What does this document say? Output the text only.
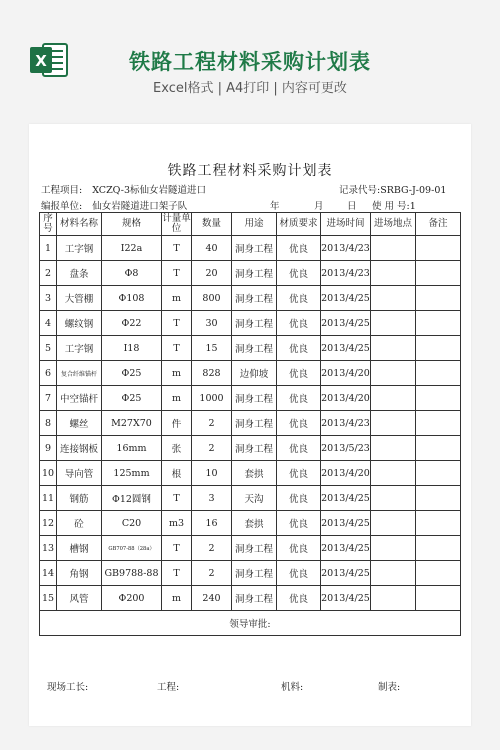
X	铁路工程材料采购计划表
Excel格式 | A4打印 | 内容可更改
铁路工程材料采购计划表
工程项目: XCZQ-3标仙女岩隧道进口	记录代号:SRBG-J-09-01
编报单位: 仙女岩隧道进口架子队	年	月 日 使 用 号:1
序号	材料名称	规格	计量单位	数量	用途	材质要求	进场时间	进场地点	备注
1	工字钢	I22a	T	40	洞身工程	优良	2013/4/23		
2	盘条	Φ8	T	20	洞身工程	优良	2013/4/23		
3	大管棚	Φ108	m	800	洞身工程	优良	2013/4/25		
4	螺纹钢	Φ22	T	30	洞身工程	优良	2013/4/25		
5	工字钢	I18	T	15	洞身工程	优良	2013/4/25		
6	复合纤维锚杆	Φ25	m	828	边仰坡	优良	2013/4/20		
7	中空锚杆	Φ25	m	1000	洞身工程	优良	2013/4/20		
8	螺丝	M27X70	件	2	洞身工程	优良	2013/4/23		
9	连接钢板	16mm	张	2	洞身工程	优良	2013/5/23		
10	导向管	125mm	根	10	套拱	优良	2013/4/20		
11	钢筋	Φ12圆钢	T	3	天沟	优良	2013/4/25		
12	砼	C20	m3	16	套拱	优良	2013/4/25		
13	槽钢	GB707-88（28a）	T	2	洞身工程	优良	2013/4/25		
14	角钢	GB9788-88	T	2	洞身工程	优良	2013/4/25		
15	风管	Φ200	m	240	洞身工程	优良	2013/4/25		
领导审批:									
现场工长:	工程:	机料:	制表:
